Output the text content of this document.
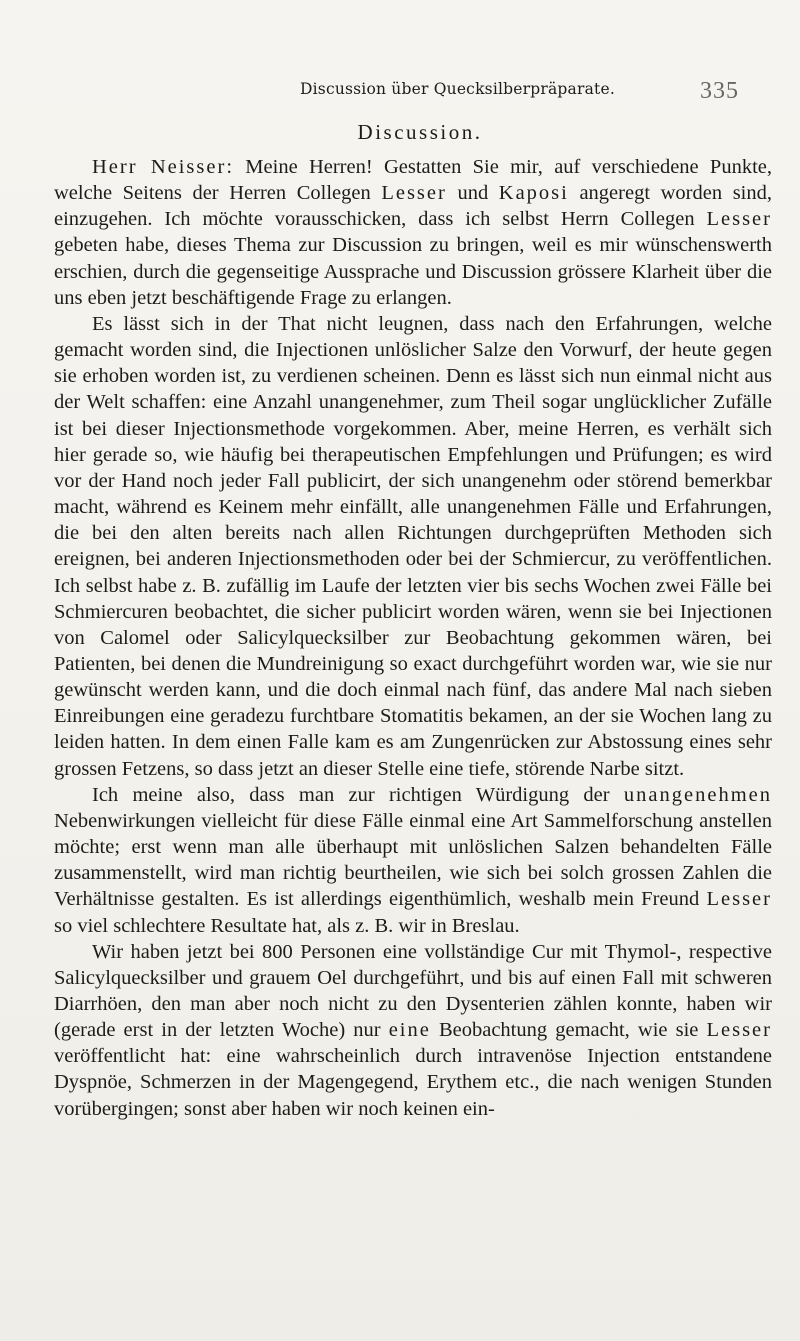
Discussion über Quecksilberpräparate.	335
Discussion.

Herr Neisser: Meine Herren! Gestatten Sie mir, auf verschiedene Punkte, welche Seitens der Herren Collegen Lesser und Kaposi angeregt worden sind, einzugehen. Ich möchte vorausschicken, dass ich selbst Herrn Collegen Lesser gebeten habe, dieses Thema zur Discussion zu bringen, weil es mir wünschenswerth erschien, durch die gegenseitige Aussprache und Discussion grössere Klarheit über die uns eben jetzt beschäftigende Frage zu erlangen.

Es lässt sich in der That nicht leugnen, dass nach den Erfahrungen, welche gemacht worden sind, die Injectionen unlöslicher Salze den Vorwurf, der heute gegen sie erhoben worden ist, zu verdienen scheinen. Denn es lässt sich nun einmal nicht aus der Welt schaffen: eine Anzahl unangenehmer, zum Theil sogar unglücklicher Zufälle ist bei dieser Injectionsmethode vorgekommen. Aber, meine Herren, es verhält sich hier gerade so, wie häufig bei therapeutischen Empfehlungen und Prüfungen; es wird vor der Hand noch jeder Fall publicirt, der sich unangenehm oder störend bemerkbar macht, während es Keinem mehr einfällt, alle unangenehmen Fälle und Erfahrungen, die bei den alten bereits nach allen Richtungen durchgeprüften Methoden sich ereignen, bei anderen Injectionsmethoden oder bei der Schmiercur, zu veröffentlichen. Ich selbst habe z. B. zufällig im Laufe der letzten vier bis sechs Wochen zwei Fälle bei Schmiercuren beobachtet, die sicher publicirt worden wären, wenn sie bei Injectionen von Calomel oder Salicylquecksilber zur Beobachtung gekommen wären, bei Patienten, bei denen die Mundreinigung so exact durchgeführt worden war, wie sie nur gewünscht werden kann, und die doch einmal nach fünf, das andere Mal nach sieben Einreibungen eine geradezu furchtbare Stomatitis bekamen, an der sie Wochen lang zu leiden hatten. In dem einen Falle kam es am Zungenrücken zur Abstossung eines sehr grossen Fetzens, so dass jetzt an dieser Stelle eine tiefe, störende Narbe sitzt.

Ich meine also, dass man zur richtigen Würdigung der unangenehmen Nebenwirkungen vielleicht für diese Fälle einmal eine Art Sammelforschung anstellen möchte; erst wenn man alle überhaupt mit unlöslichen Salzen behandelten Fälle zusammenstellt, wird man richtig beurtheilen, wie sich bei solch grossen Zahlen die Verhältnisse gestalten. Es ist allerdings eigenthümlich, weshalb mein Freund Lesser so viel schlechtere Resultate hat, als z. B. wir in Breslau.

Wir haben jetzt bei 800 Personen eine vollständige Cur mit Thymol-, respective Salicylquecksilber und grauem Oel durchgeführt, und bis auf einen Fall mit schweren Diarrhöen, den man aber noch nicht zu den Dysenterien zählen konnte, haben wir (gerade erst in der letzten Woche) nur eine Beobachtung gemacht, wie sie Lesser veröffentlicht hat: eine wahrscheinlich durch intravenöse Injection entstandene Dyspnöe, Schmerzen in der Magengegend, Erythem etc., die nach wenigen Stunden vorübergingen; sonst aber haben wir noch keinen ein-
